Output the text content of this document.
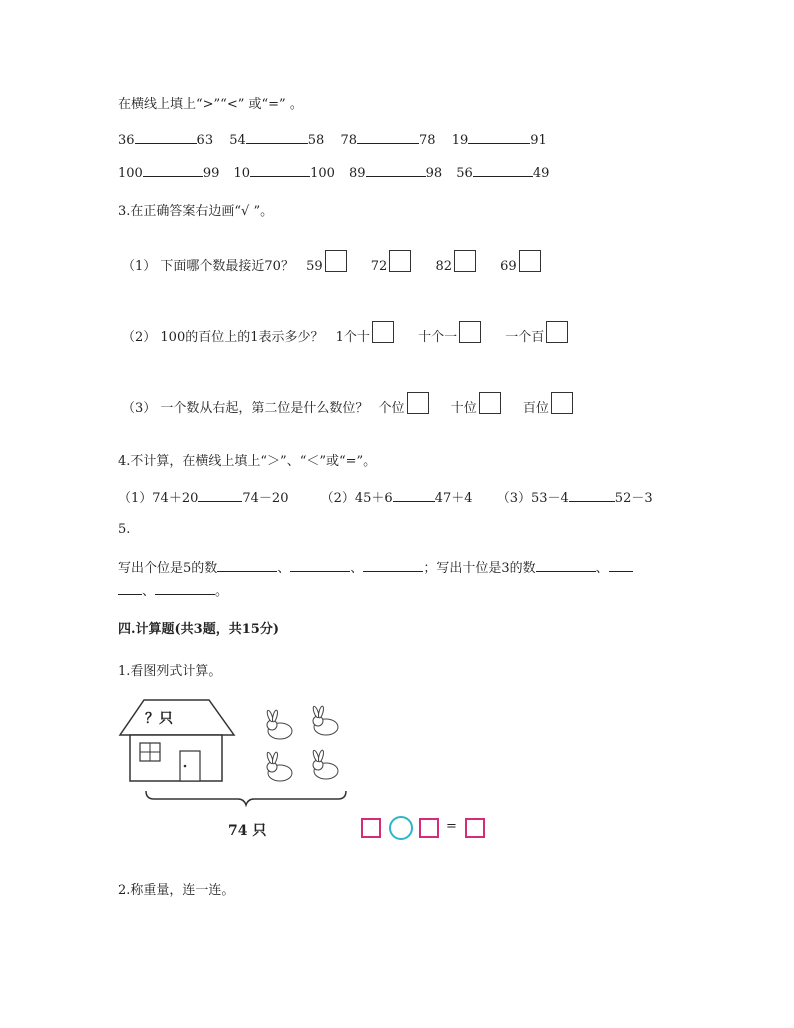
在横线上填上“>”“<” 或“=” 。
36	63 54	58 78	78 19	91
100	99 10	100 89	98 56	49
3.在正确答案右边画“√ ”。
（1） 下面哪个数最接近70？ 59	72	82	69
（2） 100的百位上的1表示多少？ 1个十	十个一	一个百
（3） 一个数从右起，第二位是什么数位？ 个位	十位	百位
4.不计算，在横线上填上“＞”、“＜”或“=”。
（1）74＋20	74－20 （2）45＋6	47＋4 （3）53－4	52－3
5.
写出个位是5的数	、	、	；写出十位是3的数	、
、	。
四.计算题(共3题，共15分)
1.看图列式计算。
？只
74 只	=
2.称重量，连一连。
